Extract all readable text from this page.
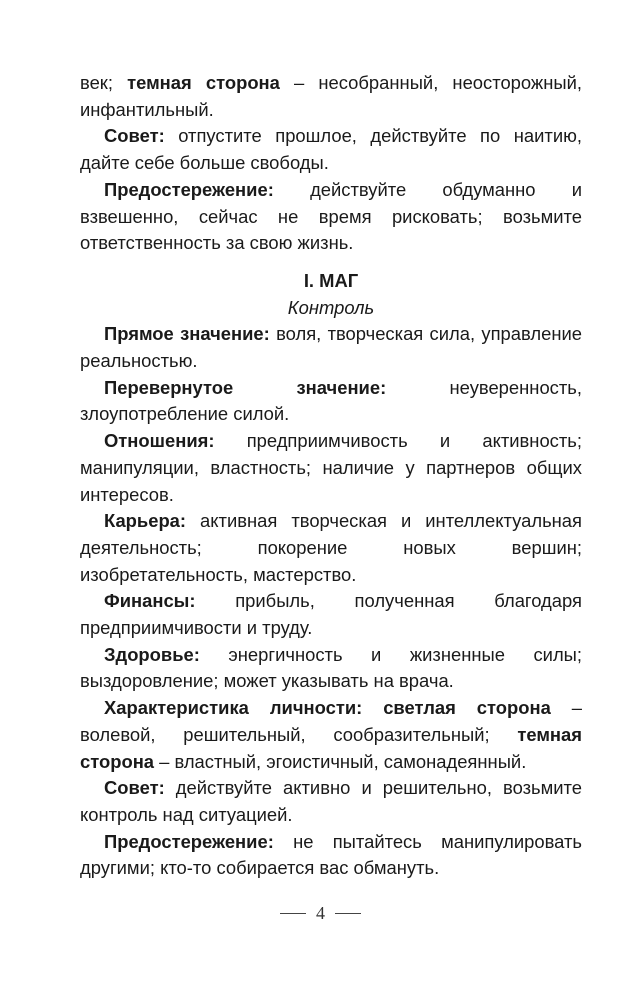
век; темная сторона – несобранный, неосторожный, инфантильный.

Совет: отпустите прошлое, действуйте по наитию, дайте себе больше свободы.

Предостережение: действуйте обдуманно и взвешенно, сейчас не время рисковать; возьмите ответственность за свою жизнь.

I. МАГ
Контроль

Прямое значение: воля, творческая сила, управление реальностью.

Перевернутое значение: неуверенность, злоупотребление силой.

Отношения: предприимчивость и активность; манипуляции, властность; наличие у партнеров общих интересов.

Карьера: активная творческая и интеллектуальная деятельность; покорение новых вершин; изобретательность, мастерство.

Финансы: прибыль, полученная благодаря предприимчивости и труду.

Здоровье: энергичность и жизненные силы; выздоровление; может указывать на врача.

Характеристика личности: светлая сторона – волевой, решительный, сообразительный; темная сторона – властный, эгоистичный, самонадеянный.

Совет: действуйте активно и решительно, возьмите контроль над ситуацией.

Предостережение: не пытайтесь манипулировать другими; кто-то собирается вас обмануть.

4
